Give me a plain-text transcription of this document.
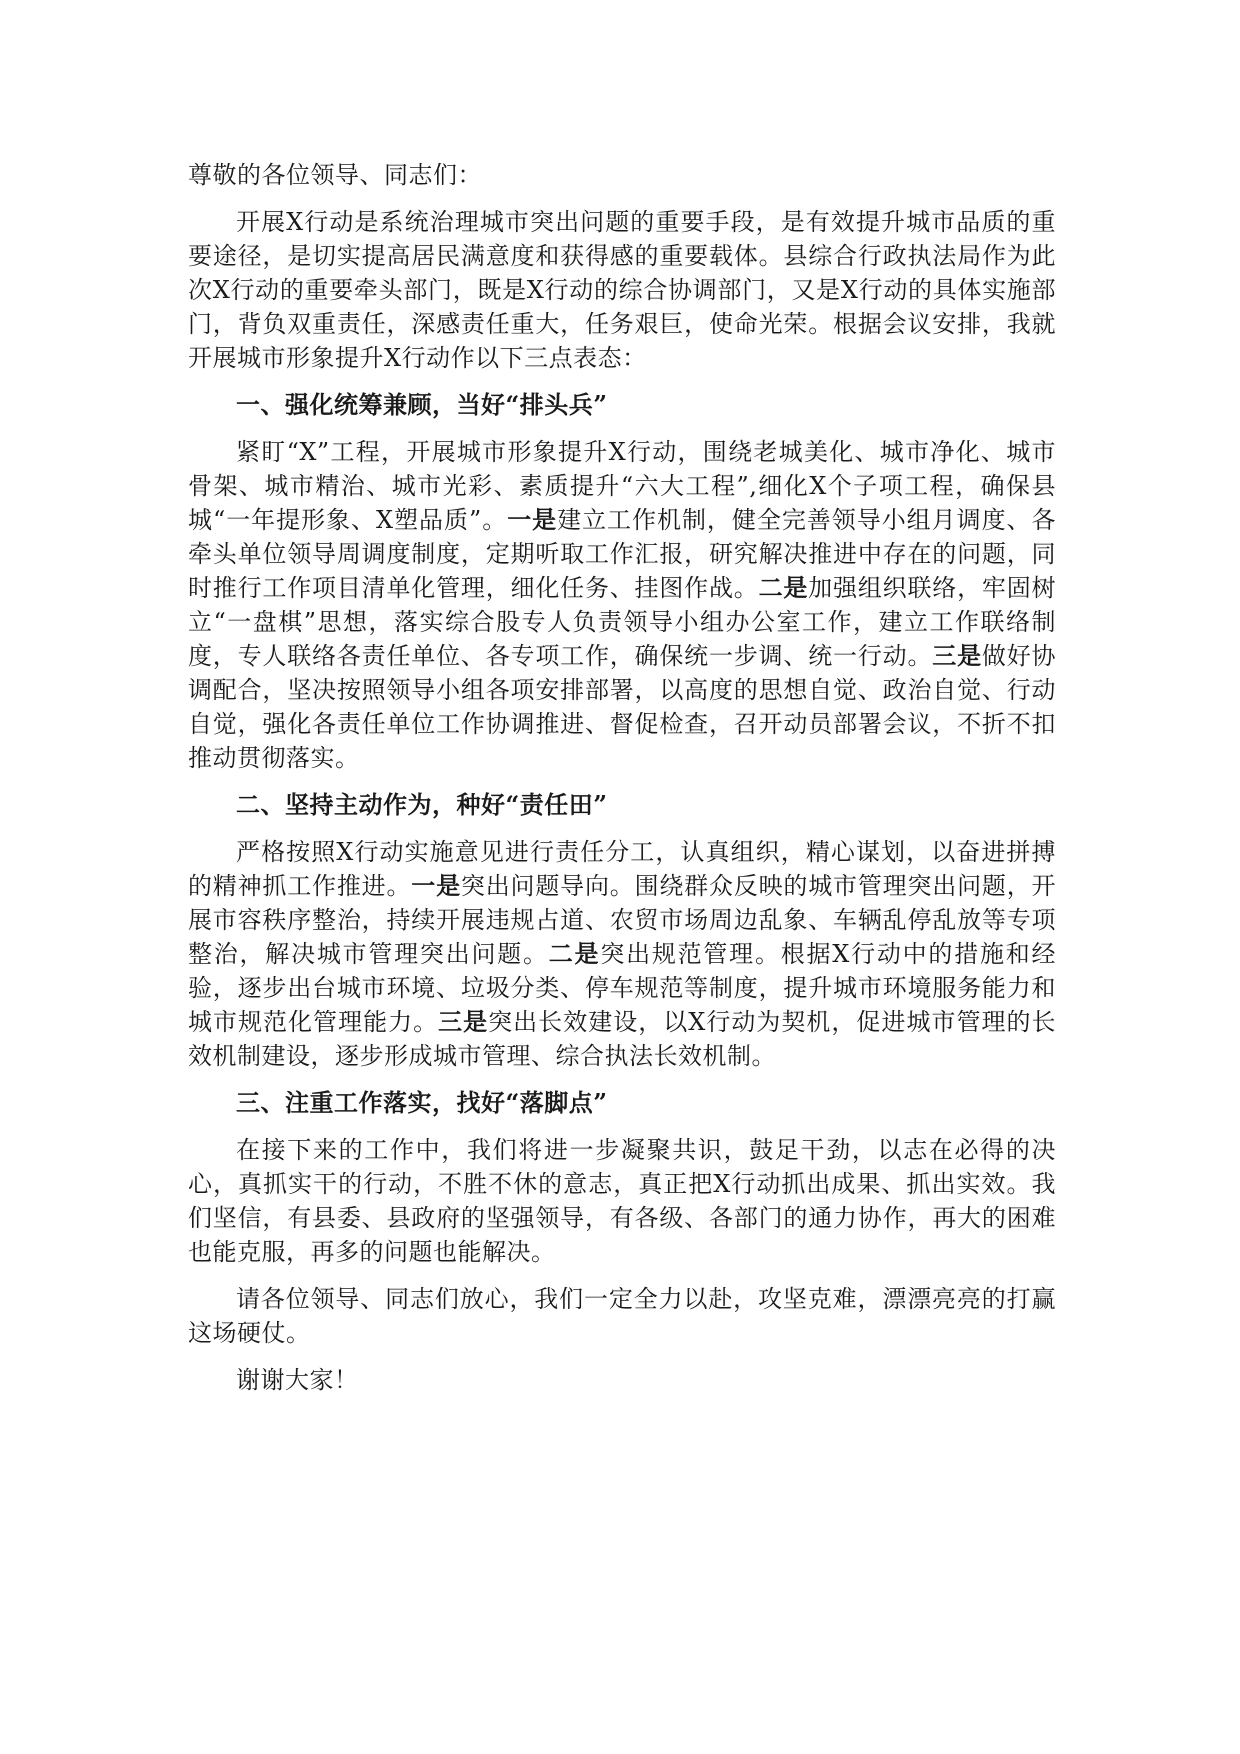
尊敬的各位领导、同志们：

开展X行动是系统治理城市突出问题的重要手段，是有效提升城市品质的重要途径，是切实提高居民满意度和获得感的重要载体。县综合行政执法局作为此次X行动的重要牵头部门，既是X行动的综合协调部门，又是X行动的具体实施部门，背负双重责任，深感责任重大，任务艰巨，使命光荣。根据会议安排，我就开展城市形象提升X行动作以下三点表态：

一、强化统筹兼顾，当好“排头兵”

紧盯“X”工程，开展城市形象提升X行动，围绕老城美化、城市净化、城市骨架、城市精治、城市光彩、素质提升“六大工程”,细化X个子项工程，确保县城“一年提形象、X塑品质”。一是建立工作机制，健全完善领导小组月调度、各牵头单位领导周调度制度，定期听取工作汇报，研究解决推进中存在的问题，同时推行工作项目清单化管理，细化任务、挂图作战。二是加强组织联络，牢固树立“一盘棋”思想，落实综合股专人负责领导小组办公室工作，建立工作联络制度，专人联络各责任单位、各专项工作，确保统一步调、统一行动。三是做好协调配合，坚决按照领导小组各项安排部署，以高度的思想自觉、政治自觉、行动自觉，强化各责任单位工作协调推进、督促检查，召开动员部署会议，不折不扣推动贯彻落实。

二、坚持主动作为，种好“责任田”

严格按照X行动实施意见进行责任分工，认真组织，精心谋划，以奋进拼搏的精神抓工作推进。一是突出问题导向。围绕群众反映的城市管理突出问题，开展市容秩序整治，持续开展违规占道、农贸市场周边乱象、车辆乱停乱放等专项整治，解决城市管理突出问题。二是突出规范管理。根据X行动中的措施和经验，逐步出台城市环境、垃圾分类、停车规范等制度，提升城市环境服务能力和城市规范化管理能力。三是突出长效建设，以X行动为契机，促进城市管理的长效机制建设，逐步形成城市管理、综合执法长效机制。

三、注重工作落实，找好“落脚点”

在接下来的工作中，我们将进一步凝聚共识，鼓足干劲，以志在必得的决心，真抓实干的行动，不胜不休的意志，真正把X行动抓出成果、抓出实效。我们坚信，有县委、县政府的坚强领导，有各级、各部门的通力协作，再大的困难也能克服，再多的问题也能解决。

请各位领导、同志们放心，我们一定全力以赴，攻坚克难，漂漂亮亮的打赢这场硬仗。

谢谢大家！
